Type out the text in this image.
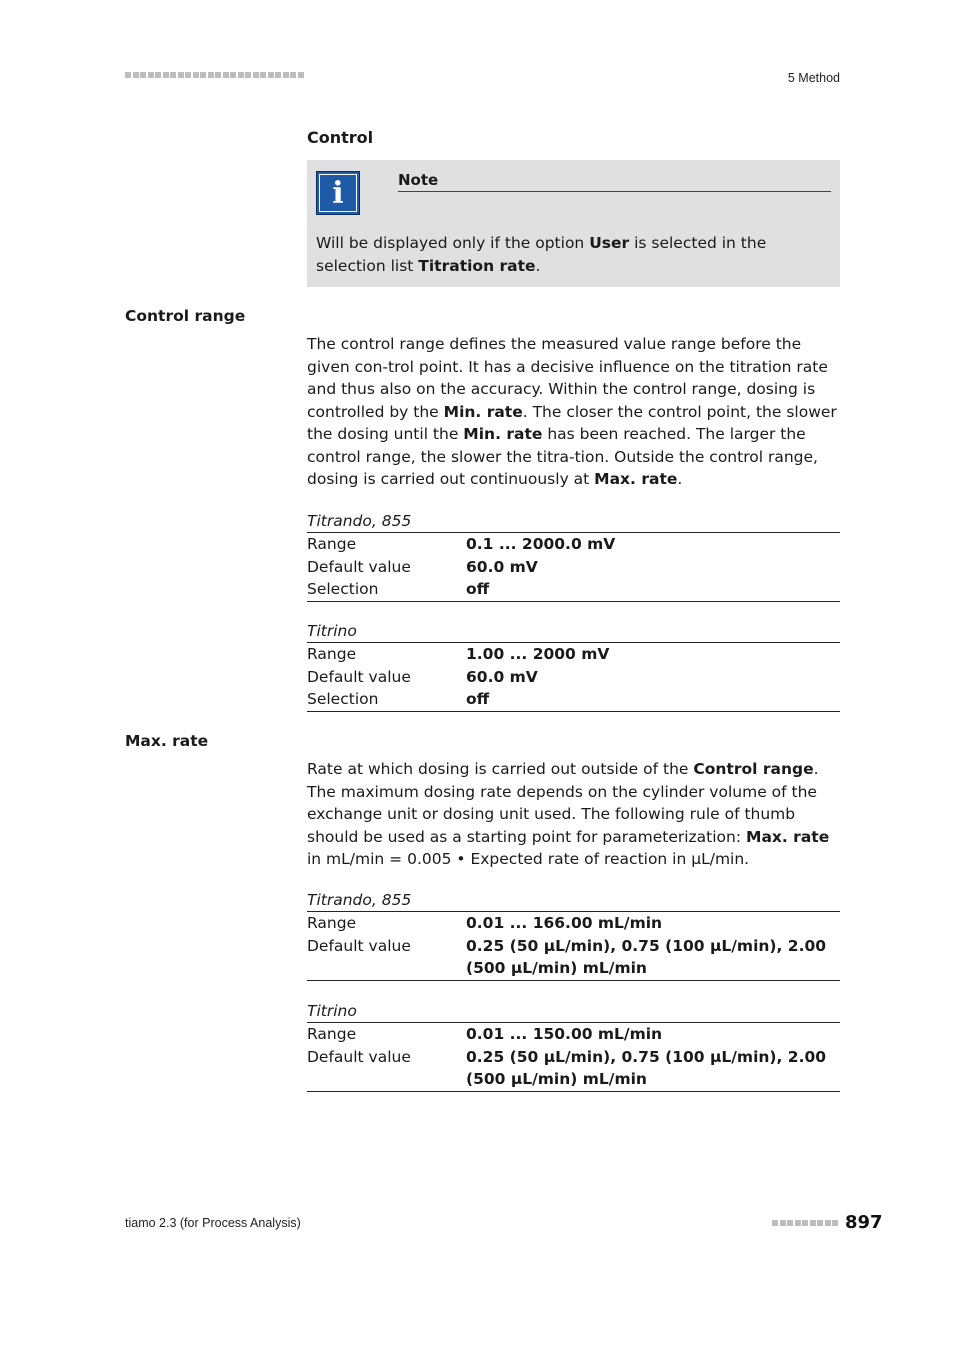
5 Method
Control
i	Note
Will be displayed only if the option User is selected in the selection list Titration rate.
Control range
The control range defines the measured value range before the given con-trol point. It has a decisive influence on the titration rate and thus also on the accuracy. Within the control range, dosing is controlled by the Min. rate. The closer the control point, the slower the dosing until the Min. rate has been reached. The larger the control range, the slower the titra-tion. Outside the control range, dosing is carried out continuously at Max. rate.
Titrando, 855
Range	0.1 ... 2000.0 mV
Default value	60.0 mV
Selection	off
Titrino
Range	1.00 ... 2000 mV
Default value	60.0 mV
Selection	off
Max. rate
Rate at which dosing is carried out outside of the Control range. The maximum dosing rate depends on the cylinder volume of the exchange unit or dosing unit used. The following rule of thumb should be used as a starting point for parameterization: Max. rate in mL/min = 0.005 • Expected rate of reaction in µL/min.
Titrando, 855
Range	0.01 ... 166.00 mL/min
Default value	0.25 (50 µL/min), 0.75 (100 µL/min), 2.00 (500 µL/min) mL/min
Titrino
Range	0.01 ... 150.00 mL/min
Default value	0.25 (50 µL/min), 0.75 (100 µL/min), 2.00 (500 µL/min) mL/min
tiamo 2.3 (for Process Analysis)	897
